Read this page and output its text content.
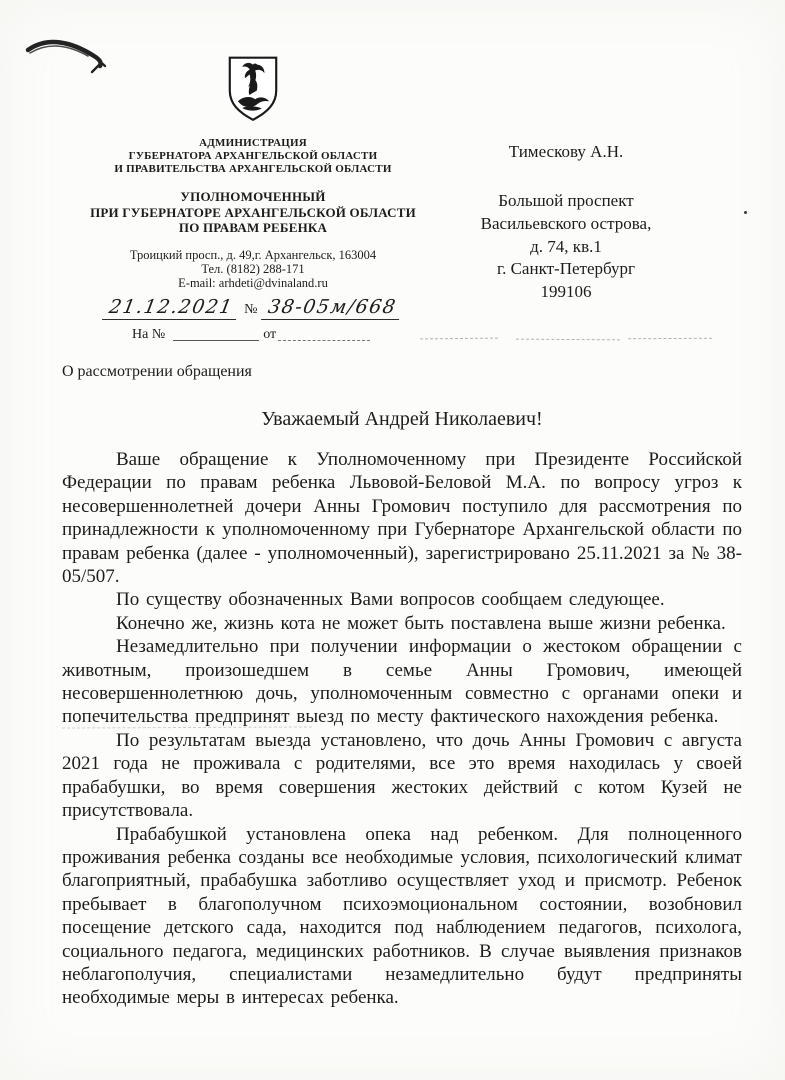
АДМИНИСТРАЦИЯ
ГУБЕРНАТОРА АРХАНГЕЛЬСКОЙ ОБЛАСТИ
И ПРАВИТЕЛЬСТВА АРХАНГЕЛЬСКОЙ ОБЛАСТИ
УПОЛНОМОЧЕННЫЙ
ПРИ ГУБЕРНАТОРЕ АРХАНГЕЛЬСКОЙ ОБЛАСТИ
ПО ПРАВАМ РЕБЕНКА
Троицкий просп., д. 49,г. Архангельск, 163004
Тел. (8182) 288-171
E-mail: arhdeti@dvinaland.ru
21.12.2021 № 38-05м/668
На №	от
Тимескову А.Н.
Большой проспект
Васильевского острова,
д. 74, кв.1
г. Санкт-Петербург
199106
О рассмотрении обращения
Уважаемый Андрей Николаевич!

Ваше обращение к Уполномоченному при Президенте Российской Федерации по правам ребенка Львовой-Беловой М.А. по вопросу угроз к несовершеннолетней дочери Анны Громович поступило для рассмотрения по принадлежности к уполномоченному при Губернаторе Архангельской области по правам ребенка (далее - уполномоченный), зарегистрировано 25.11.2021 за № 38-05/507.

По существу обозначенных Вами вопросов сообщаем следующее.

Конечно же, жизнь кота не может быть поставлена выше жизни ребенка.

Незамедлительно при получении информации о жестоком обращении с животным, произошедшем в семье Анны Громович, имеющей несовершеннолетнюю дочь, уполномоченным совместно с органами опеки и попечительства предпринят выезд по месту фактического нахождения ребенка.

По результатам выезда установлено, что дочь Анны Громович с августа 2021 года не проживала с родителями, все это время находилась у своей прабабушки, во время совершения жестоких действий с котом Кузей не присутствовала.

Прабабушкой установлена опека над ребенком. Для полноценного проживания ребенка созданы все необходимые условия, психологический климат благоприятный, прабабушка заботливо осуществляет уход и присмотр. Ребенок пребывает в благополучном психоэмоциональном состоянии, возобновил посещение детского сада, находится под наблюдением педагогов, психолога, социального педагога, медицинских работников. В случае выявления признаков неблагополучия, специалистами незамедлительно будут предприняты необходимые меры в интересах ребенка.
